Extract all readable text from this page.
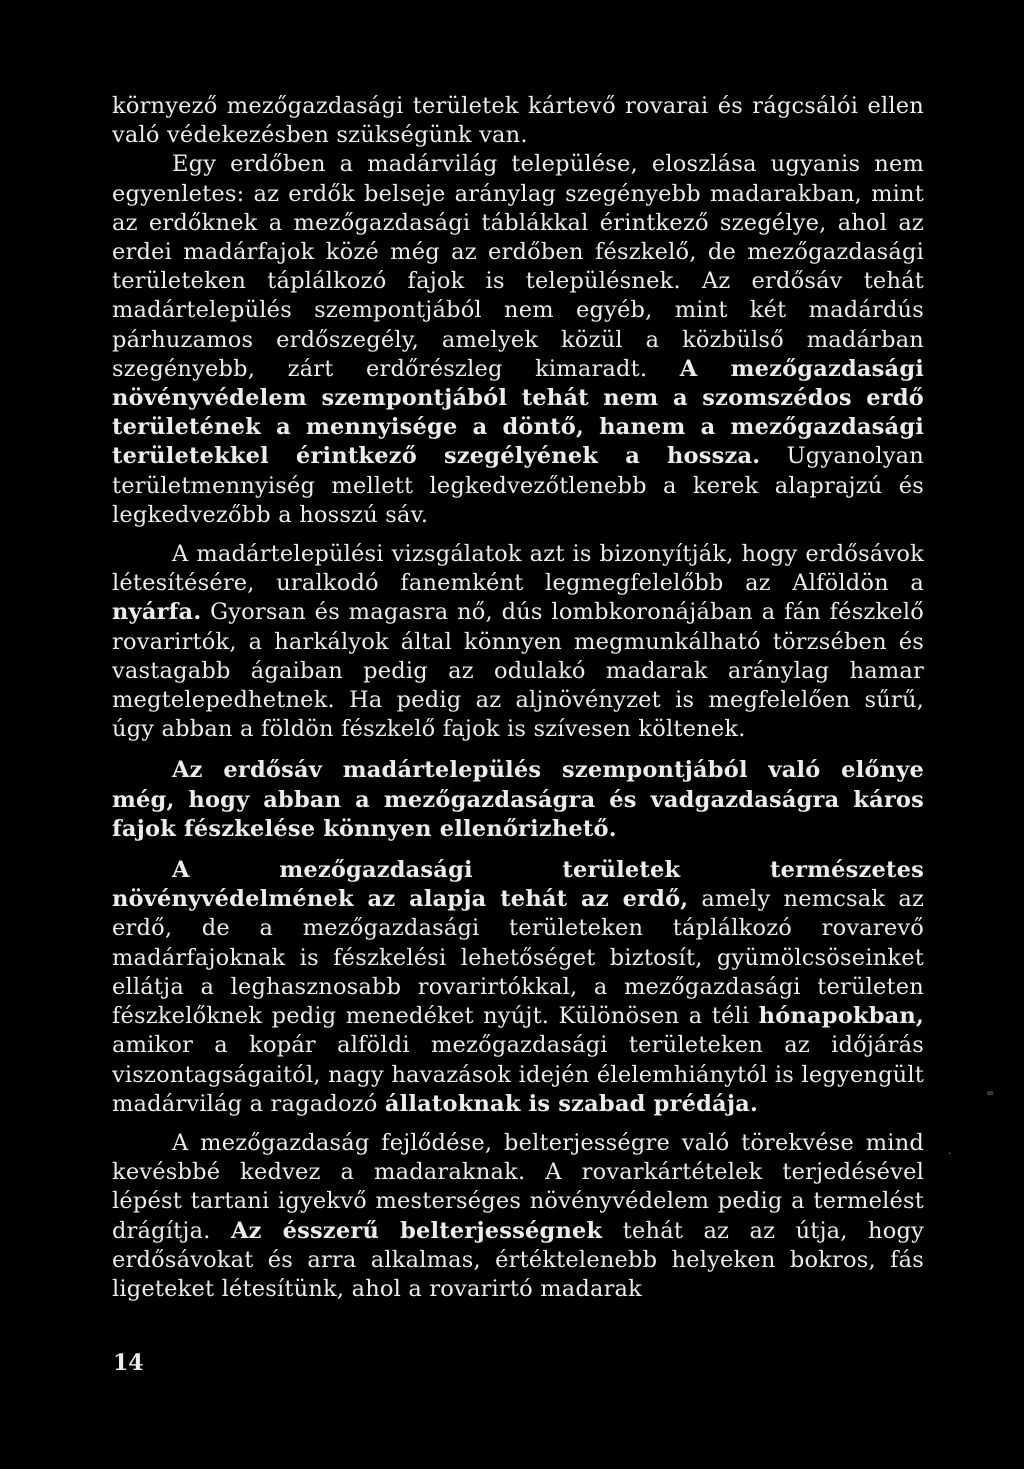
környező mezőgazdasági területek kártevő rovarai és rágcsálói ellen való védekezésben szükségünk van.

Egy erdőben a madárvilág települése, eloszlása ugyanis nem egyenletes: az erdők belseje aránylag szegényebb madarakban, mint az erdőknek a mezőgazdasági táblákkal érintkező szegélye, ahol az erdei madárfajok közé még az erdőben fészkelő, de mezőgazdasági területeken táplálkozó fajok is településnek. Az erdősáv tehát madártelepülés szempontjából nem egyéb, mint két madárdús párhuzamos erdőszegély, amelyek közül a közbülső madárban szegényebb, zárt erdőrészleg kimaradt. A mezőgazdasági növényvédelem szempontjából tehát nem a szomszédos erdő területének a mennyisége a döntő, hanem a mezőgazdasági területekkel érintkező szegélyének a hossza. Ugyanolyan területmennyiség mellett legkedvezőtlenebb a kerek alaprajzú és legkedvezőbb a hosszú sáv.

A madártelepülési vizsgálatok azt is bizonyítják, hogy erdősávok létesítésére, uralkodó fanemként legmegfelelőbb az Alföldön a nyárfa. Gyorsan és magasra nő, dús lombkoronájában a fán fészkelő rovarirtók, a harkályok által könnyen megmunkálható törzsében és vastagabb ágaiban pedig az odulakó madarak aránylag hamar megtelepedhetnek. Ha pedig az aljnövényzet is megfelelően sűrű, úgy abban a földön fészkelő fajok is szívesen költenek.

Az erdősáv madártelepülés szempontjából való előnye még, hogy abban a mezőgazdaságra és vadgazdaságra káros fajok fészkelése könnyen ellenőrizhető.

A mezőgazdasági területek természetes növényvédelmének az alapja tehát az erdő, amely nemcsak az erdő, de a mezőgazdasági területeken táplálkozó rovarevő madárfajoknak is fészkelési lehetőséget biztosít, gyümölcsöseinket ellátja a leghasznosabb rovarirtókkal, a mezőgazdasági területen fészkelőknek pedig menedéket nyújt. Különösen a téli hónapokban, amikor a kopár alföldi mezőgazdasági területeken az időjárás viszontagságaitól, nagy havazások idején élelemhiánytól is legyengült madárvilág a ragadozó állatoknak is szabad prédája.

A mezőgazdaság fejlődése, belterjességre való törekvése mind kevésbbé kedvez a madaraknak. A rovarkártételek terjedésével lépést tartani igyekvő mesterséges növényvédelem pedig a termelést drágítja. Az ésszerű belterjességnek tehát az az útja, hogy erdősávokat és arra alkalmas, értéktelenebb helyeken bokros, fás ligeteket létesítünk, ahol a rovarirtó madarak

14
=
.
